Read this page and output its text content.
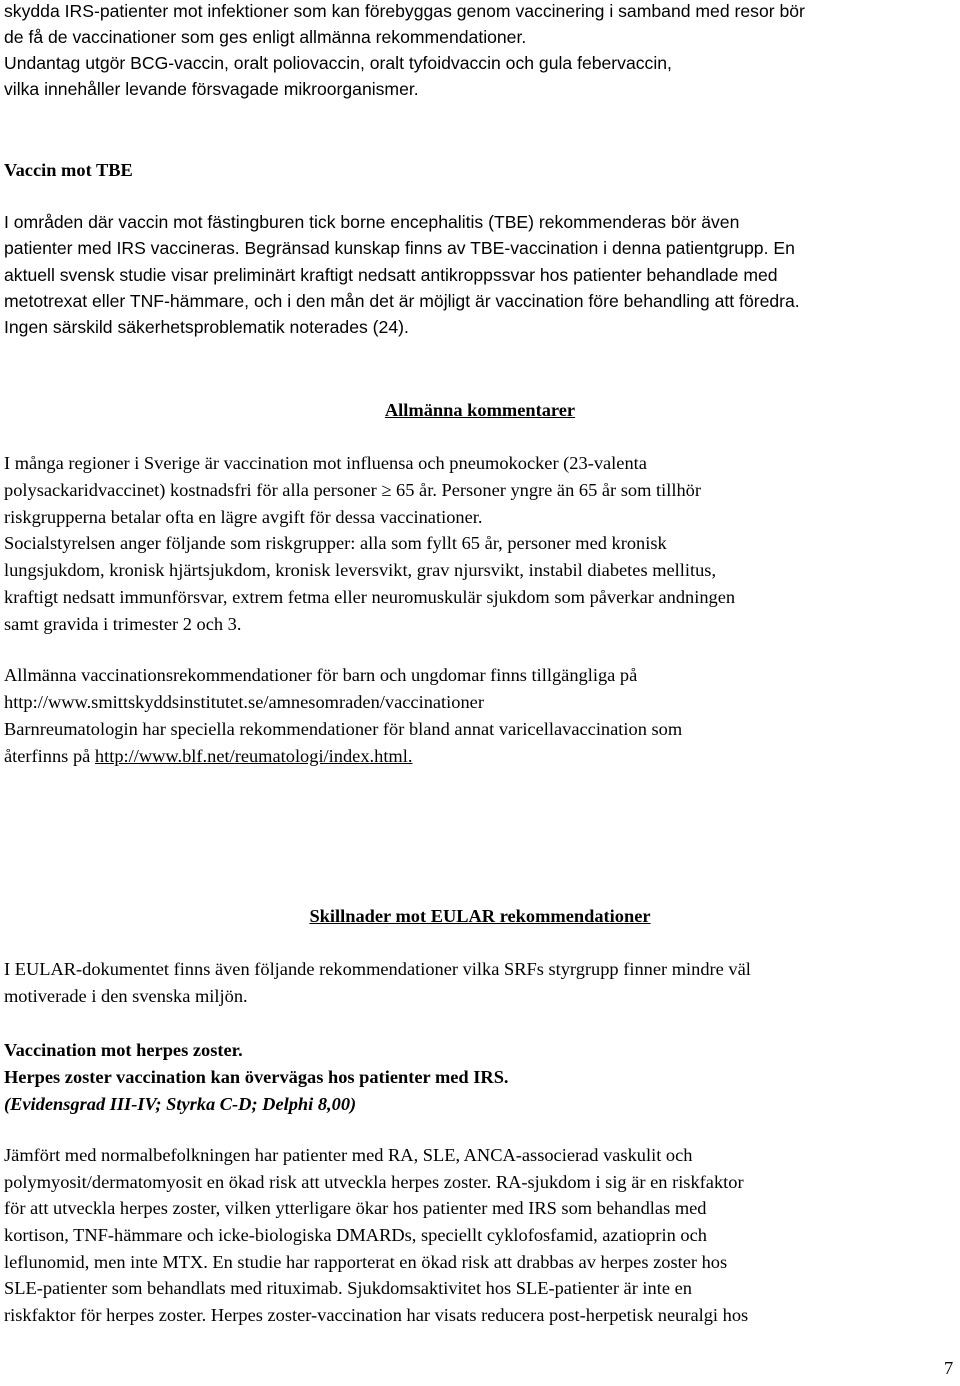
skydda IRS-patienter mot infektioner som kan förebyggas genom vaccinering i samband med resor bör
de få de vaccinationer som ges enligt allmänna rekommendationer.
Undantag utgör BCG-vaccin, oralt poliovaccin, oralt tyfoidvaccin och gula febervaccin,
vilka innehåller levande försvagade mikroorganismer.
Vaccin mot TBE
I områden där vaccin mot fästingburen tick borne encephalitis (TBE) rekommenderas bör även
patienter med IRS vaccineras. Begränsad kunskap finns av TBE-vaccination i denna patientgrupp. En
aktuell svensk studie visar preliminärt kraftigt nedsatt antikroppssvar hos patienter behandlade med
metotrexat eller TNF-hämmare, och i den mån det är möjligt är vaccination före behandling att föredra.
Ingen särskild säkerhetsproblematik noterades (24).
Allmänna kommentarer
I många regioner i Sverige är vaccination mot influensa och pneumokocker (23-valenta
polysackaridvaccinet) kostnadsfri för alla personer ≥ 65 år. Personer yngre än 65 år som tillhör
riskgrupperna betalar ofta en lägre avgift för dessa vaccinationer.
Socialstyrelsen anger följande som riskgrupper: alla som fyllt 65 år, personer med kronisk
lungsjukdom, kronisk hjärtsjukdom, kronisk leversvikt, grav njursvikt, instabil diabetes mellitus,
kraftigt nedsatt immunförsvar, extrem fetma eller neuromuskulär sjukdom som påverkar andningen
samt gravida i trimester 2 och 3.
Allmänna vaccinationsrekommendationer för barn och ungdomar finns tillgängliga på
http://www.smittskyddsinstitutet.se/amnesomraden/vaccinationer
Barnreumatologin har speciella rekommendationer för bland annat varicellavaccination som
återfinns på http://www.blf.net/reumatologi/index.html.
Skillnader mot EULAR rekommendationer
I EULAR-dokumentet finns även följande rekommendationer vilka SRFs styrgrupp finner mindre väl
motiverade i den svenska miljön.
Vaccination mot herpes zoster.
Herpes zoster vaccination kan övervägas hos patienter med IRS.
(Evidensgrad III-IV; Styrka C-D; Delphi 8,00)
Jämfört med normalbefolkningen har patienter med RA, SLE, ANCA-associerad vaskulit och
polymyosit/dermatomyosit en ökad risk att utveckla herpes zoster. RA-sjukdom i sig är en riskfaktor
för att utveckla herpes zoster, vilken ytterligare ökar hos patienter med IRS som behandlas med
kortison, TNF-hämmare och icke-biologiska DMARDs, speciellt cyklofosfamid, azatioprin och
leflunomid, men inte MTX. En studie har rapporterat en ökad risk att drabbas av herpes zoster hos
SLE-patienter som behandlats med rituximab. Sjukdomsaktivitet hos SLE-patienter är inte en
riskfaktor för herpes zoster. Herpes zoster-vaccination har visats reducera post-herpetisk neuralgi hos
7
